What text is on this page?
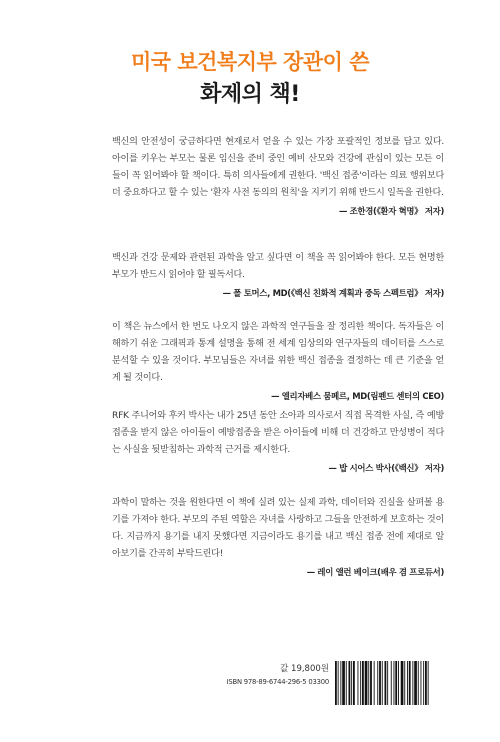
미국 보건복지부 장관이 쓴
화제의 책!

백신의 안전성이 궁금하다면 현재로서 얻을 수 있는 가장 포괄적인 정보를 담고 있다. 아이를 키우는 부모는 물론 임신을 준비 중인 예비 산모와 건강에 관심이 있는 모든 이들이 꼭 읽어봐야 할 책이다. 특히 의사들에게 권한다. '백신 접종'이라는 의료 행위보다 더 중요하다고 할 수 있는 '환자 사전 동의의 원칙'을 지키기 위해 반드시 일독을 권한다.

— 조한경(《환자 혁명》 저자)

백신과 건강 문제와 관련된 과학을 알고 싶다면 이 책을 꼭 읽어봐야 한다. 모든 현명한 부모가 반드시 읽어야 할 필독서다.

— 폴 토머스, MD(《백신 친화적 계획과 중독 스펙트럼》 저자)

이 책은 뉴스에서 한 번도 나오지 않은 과학적 연구들을 잘 정리한 책이다. 독자들은 이해하기 쉬운 그래픽과 통계 설명을 통해 전 세계 임상의와 연구자들의 데이터를 스스로 분석할 수 있을 것이다. 부모님들은 자녀를 위한 백신 접종을 결정하는 데 큰 기준을 얻게 될 것이다.

— 엘리자베스 뭄페르, MD(림펜드 센터의 CEO)

RFK 주니어와 후커 박사는 내가 25년 동안 소아과 의사로서 직접 목격한 사실, 즉 예방접종을 받지 않은 아이들이 예방접종을 받은 아이들에 비해 더 건강하고 만성병이 적다는 사실을 뒷받침하는 과학적 근거를 제시한다.

— 밥 시어스 박사(《백신》 저자)

과학이 말하는 것을 원한다면 이 책에 실려 있는 실제 과학, 데이터와 진실을 살펴볼 용기를 가져야 한다. 부모의 주된 역할은 자녀를 사랑하고 그들을 안전하게 보호하는 것이다. 지금까지 용기를 내지 못했다면 지금이라도 용기를 내고 백신 접종 전에 제대로 알아보기를 간곡히 부탁드린다!

— 레이 앨런 베이크(배우 겸 프로듀서)
값 19,800원
ISBN 978-89-6744-296-5 03300
